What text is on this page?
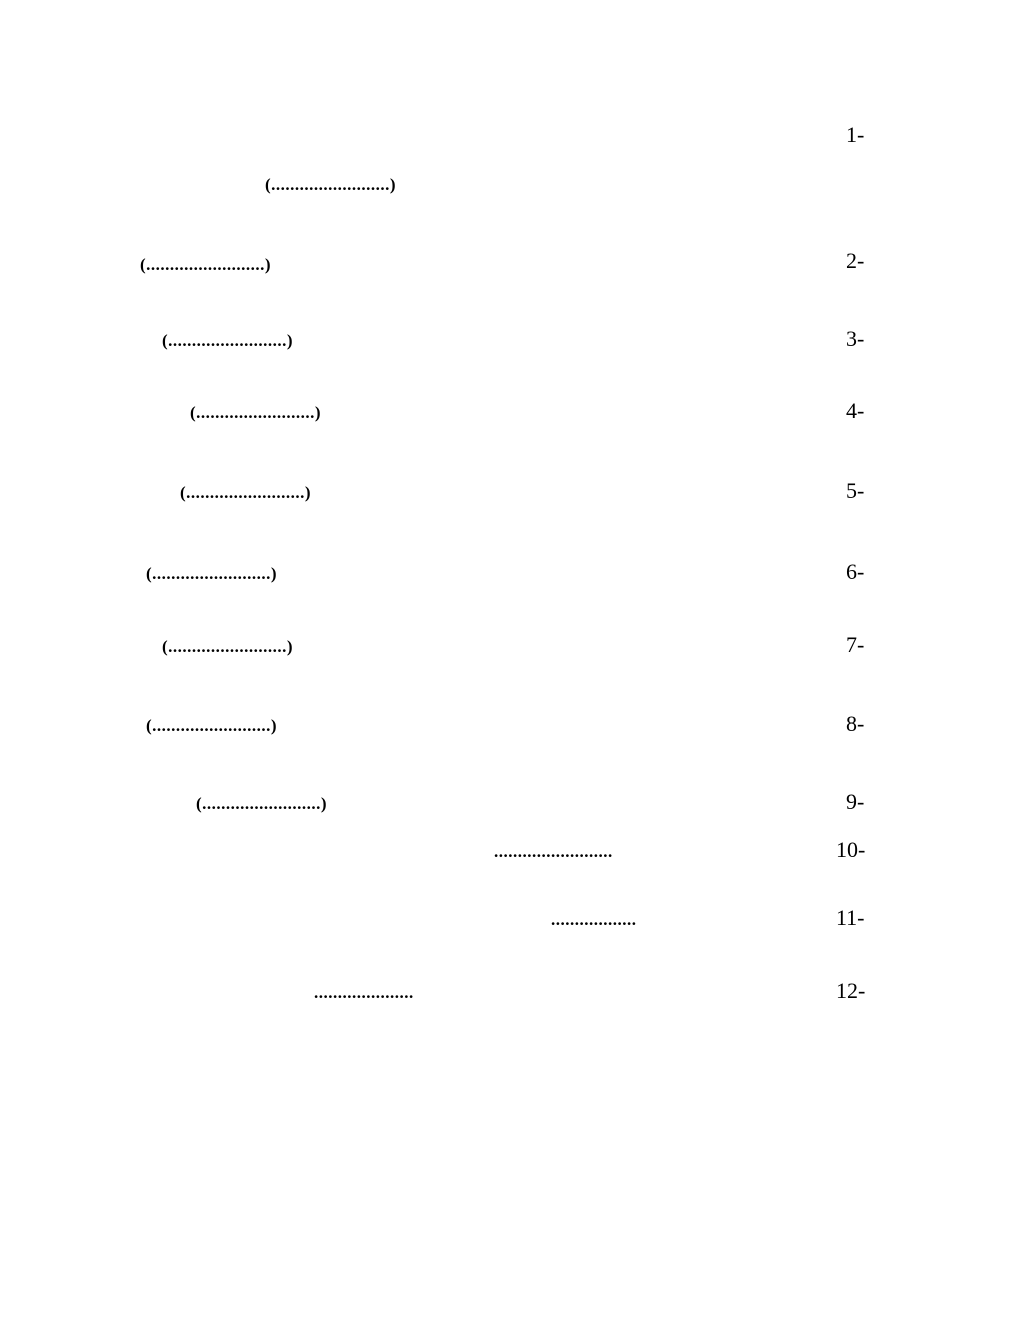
1-
(.........................)
2-
(.........................)
3-
(.........................)
4-
(.........................)
5-
(.........................)
6-
(.........................)
7-
(.........................)
8-
(.........................)
9-
(.........................)
10-
.........................
11-
..................
12-
.....................
